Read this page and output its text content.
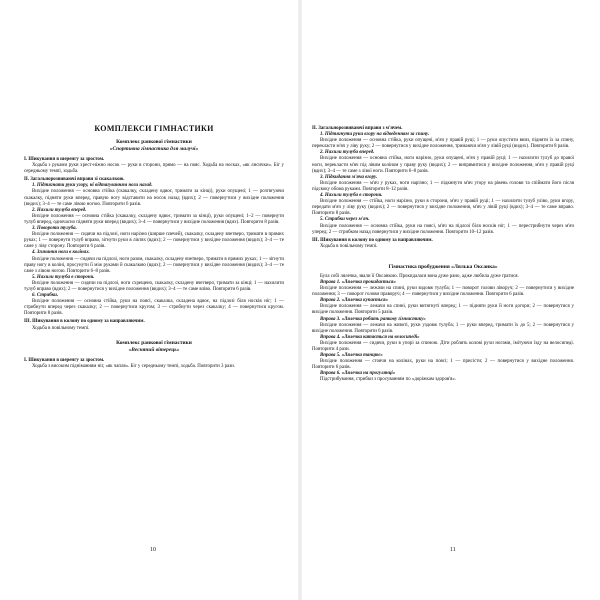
КОМПЛЕКСИ ГІМНАСТИКИ

Комплекс ранкової гімнастики

«Спортивна гімнастика для малучі»

I. Шикування в шеренгу за зростом.

Ходьба з руками руки хрест-ніжно носок — руки в сторони, прямо — на пояс. Ходьба на носках, «як лисички». Біг у середньому темпі, ходьба.

II. Загальнорозвиваючі вправи зі скакалкою.

1. Підтягнати руки угору, ні відтягуванням ноги назад.

Вихідне положення — основна стійка (скакалку, складену вдвоє, тримати за кінці), руки опущені; 1 — розтягуючи скакалку, підняти руки вперед, правую ногу відставити на носок назад (вдих); 2 — повернутися у вихідне положення (видих); 3–4 — те саме лівою ногою. Повторити 6 разів.

2. Нахили тулуба вперед.

Вихідне положення — основна стійка (скакалку, складену вдвоє, тримати за кінці), руки опущені; 1–2 — повернути тулуб вперед, одночасно підняти руки вперед (видих); 3–4 — повернутися у вихідне положення (вдих). Повторити 8 разів.

3. Повороти тулуба.

Вихідне положення — сидячи на підлозі, ноги нарізно (ширше плечей), скакалку, складену вчетверо, тримати в прямих руках; 1 — повернути тулуб вправо, зігнути руки в ліктях (вдих); 2 — повернутися у вихідне положення (видих); 3–4 — те саме у ліву сторону. Повторити 6 разів.

4. Згинання ноги в колінах.

Вихідне положення — сидячи на підлозі, ноги разом, скакалку, складену вчетверо, тримати в прямих руках; 1 — зігнути праву ногу в коліні, просунути її між руками й скакалкою (вдих); 2 — повернутися у вихідне положення (видих); 3–4 — те саме з лівою ногою. Повторити 6–8 разів.

5. Нахили тулуба в сторони.

Вихідне положення — сидячи на підлозі, ноги схрещено, скакалку, складену вчетверо, тримати за кінці; 1 — нахилити тулуб вправо (вдих); 2 — повернутися у вихідне положення (видих); 3–4 — те саме вліво. Повторити 6 разів.

6. Стрибки.

Вихідне положення — основна стійка, руки на поясі, скакалка, складена вдвоє, на підлозі біля носків ніг; 1 — стрибнути вперед через скакалку; 2 — повернутися кругом; 3 — стрибнути через скакалку; 4 — повернутися кругом. Повторити 8 разів.

III. Шикування в колону по одному за направляючим.

Ходьба в повільному темпі.

Комплекс ранкової гімнастики

«Весняний вітерець»

I. Шикування в шеренгу за зростом.

Ходьба з високим підніманням ніг, «як чапля». Біг у середньому темпі, ходьба. Повторити 3 рази.

II. Загальнорозвиваючі вправи з м'ячем.

1. Підтягнути руки вгору на відведенням за спину.

Вихідне положення — основна стійка, руки опущені, м'яч у правій руці; 1 — руки опустити вниз, підняти їх за спину, перекласти м'яч у ліву руку; 2 — повернутися у вихідне положення, тримаючи м'яч у лівій руці (видих). Повторити 8 разів.

2. Нахили тулуба вперед.

Вихідне положення — основна стійка, ноги нарізно, руки опущені, м'яч у правій руці; 1 — нахилити тулуб до правої ноги, перекласти м'яч під лівим коліном у праву руку (видих); 2 — випрямитися у вихідне положення, м'яч у правій руці (вдих); 3–4 — те саме з лівої ноги. Повторити 6–8 разів.

3. Підкидання м'яча вгору.

Вихідне положення — м'яч у руках, ноги нарізно; 1 — підкинути м'яч угору на рівень голови та спіймати його після підскоку обома руками. Повторити 8–12 разів.

4. Нахили тулуба в сторони.

Вихідне положення — стійка, ноги нарізно, руки в сторони, м'яч у правій руці; 1 — нахилити тулуб уліво, руки вгору, передати м'яч у ліву руку (видих); 2 — повернутися у вихідне положення, м'яч у лівій руці (вдих); 3–4 — те саме вправо. Повторити 8 разів.

5. Стрибки через м'яч.

Вихідне положення — основна стійка, руки на поясі, м'яч на підлозі біля носків ніг; 1 — перестрибнути через м'яч уперед; 2 — стрибком назад повернутися у вихідне положення. Повторити 10–12 разів.

III. Шикування в колону по одному за направляючим.

Ходьба в повільному темпі.

Гімнастика пробудження «Лялька Оксанка»

Була собі лялечка, звали її Оксанкою. Прокидалася вона дуже рано, адже любила дуже гратися.

Вправа 1. «Лялечка прокидається»

Вихідне положення — лежачи на спині, руки вздовж тулуба; 1 — поворот голови ліворуч; 2 — повернутися у вихідне положення; 3 — поворот голови праворуч; 4 — повернутися у вихідне положення. Повторити 6 разів.

Вправа 2. «Лялечка купається»

Вихідне положення — лежачи на спині, руки витягнуті вперед; 1 — підняти руки й ноги догори; 2 — повернутися у вихідне положення. Повторити 5 разів.

Вправа 3. «Лялечка робить ранкову гімнастику»

Вихідне положення — лежачи на животі, руки уздовж тулуба; 1 — руки вперед, тримати їх до 5; 2 — повернутися у вихідне положення. Повторити 6 разів.

Вправа 4. «Лялечка катається на велосипеді»

Вихідне положення — сидячи, руки в упорі за спиною. Діти роблять колові рухи ногами, імітуючи їзду на велосипеді. Повторити 4 рази.

Вправа 5. «Лялечка танцює»

Вихідне положення — стоячи на колінах, руки на поясі; 1 — присісти; 2 — повернутися у вихідне положення. Повторити 6 разів.

Вправа 6. «Лялечка на прогулянці»

Підстрибування, стрибки з просуванням по «доріжкам здоров'я».

10	11
